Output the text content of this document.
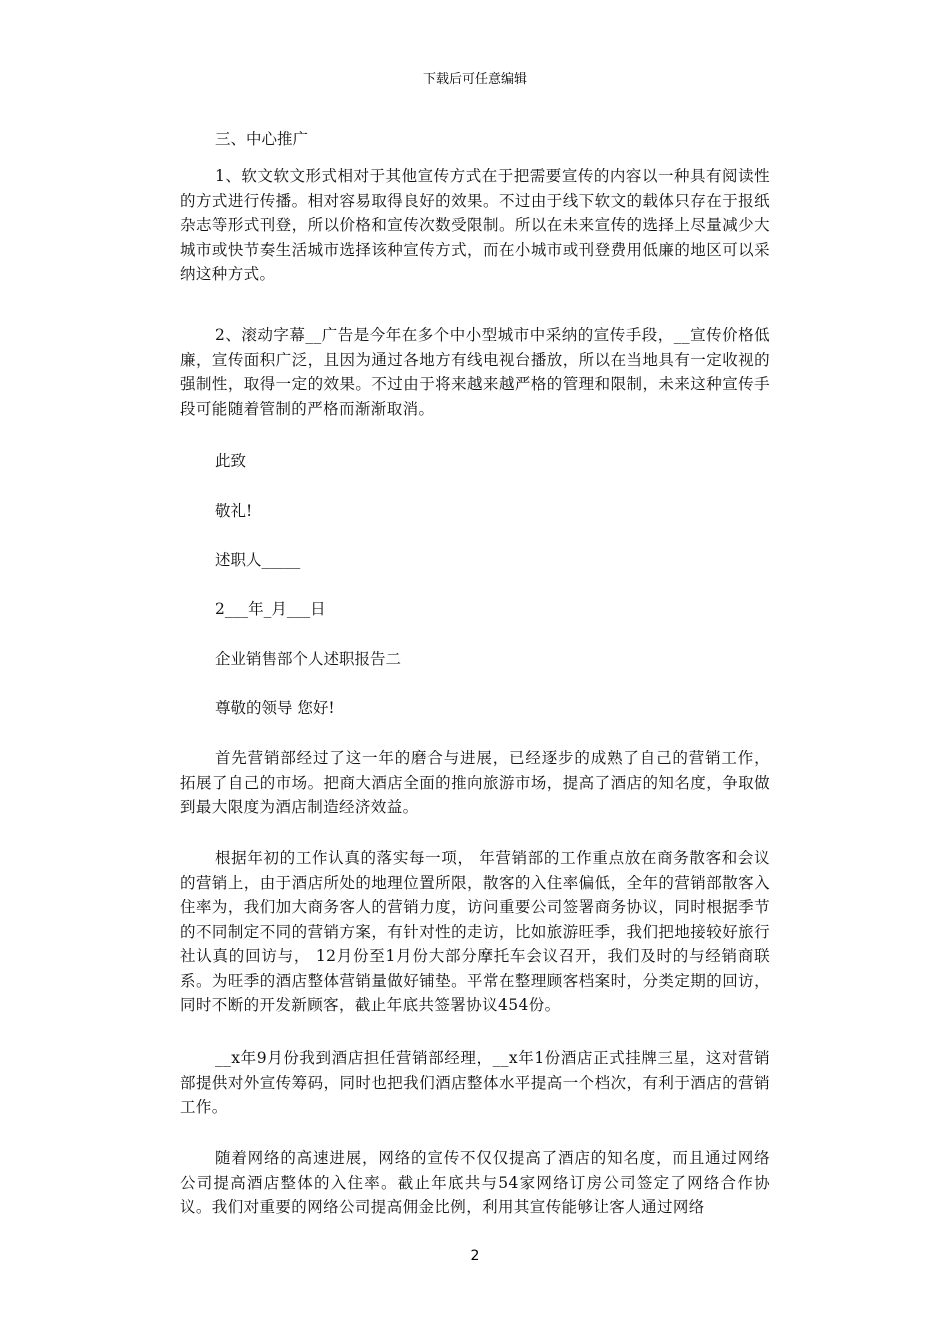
下载后可任意编辑
三、中心推广

1、软文软文形式相对于其他宣传方式在于把需要宣传的内容以一种具有阅读性的方式进行传播。相对容易取得良好的效果。不过由于线下软文的载体只存在于报纸杂志等形式刊登，所以价格和宣传次数受限制。所以在未来宣传的选择上尽量减少大城市或快节奏生活城市选择该种宣传方式，而在小城市或刊登费用低廉的地区可以采纳这种方式。

2、滚动字幕__广告是今年在多个中小型城市中采纳的宣传手段，__宣传价格低廉，宣传面积广泛，且因为通过各地方有线电视台播放，所以在当地具有一定收视的强制性，取得一定的效果。不过由于将来越来越严格的管理和限制，未来这种宣传手段可能随着管制的严格而渐渐取消。

此致
敬礼!
述职人_____
2___年_月___日
企业销售部个人述职报告二
尊敬的领导 您好!

首先营销部经过了这一年的磨合与进展，已经逐步的成熟了自己的营销工作，拓展了自己的市场。把商大酒店全面的推向旅游市场，提高了酒店的知名度，争取做到最大限度为酒店制造经济效益。

根据年初的工作认真的落实每一项， 年营销部的工作重点放在商务散客和会议的营销上，由于酒店所处的地理位置所限，散客的入住率偏低，全年的营销部散客入住率为，我们加大商务客人的营销力度，访问重要公司签署商务协议，同时根据季节的不同制定不同的营销方案，有针对性的走访，比如旅游旺季，我们把地接较好旅行社认真的回访与， 12月份至1月份大部分摩托车会议召开，我们及时的与经销商联系。为旺季的酒店整体营销量做好铺垫。平常在整理顾客档案时，分类定期的回访，同时不断的开发新顾客，截止年底共签署协议454份。

__x年9月份我到酒店担任营销部经理，__x年1份酒店正式挂牌三星，这对营销部提供对外宣传筹码，同时也把我们酒店整体水平提高一个档次，有利于酒店的营销工作。

随着网络的高速进展，网络的宣传不仅仅提高了酒店的知名度，而且通过网络公司提高酒店整体的入住率。截止年底共与54家网络订房公司签定了网络合作协议。我们对重要的网络公司提高佣金比例，利用其宣传能够让客人通过网络

2
